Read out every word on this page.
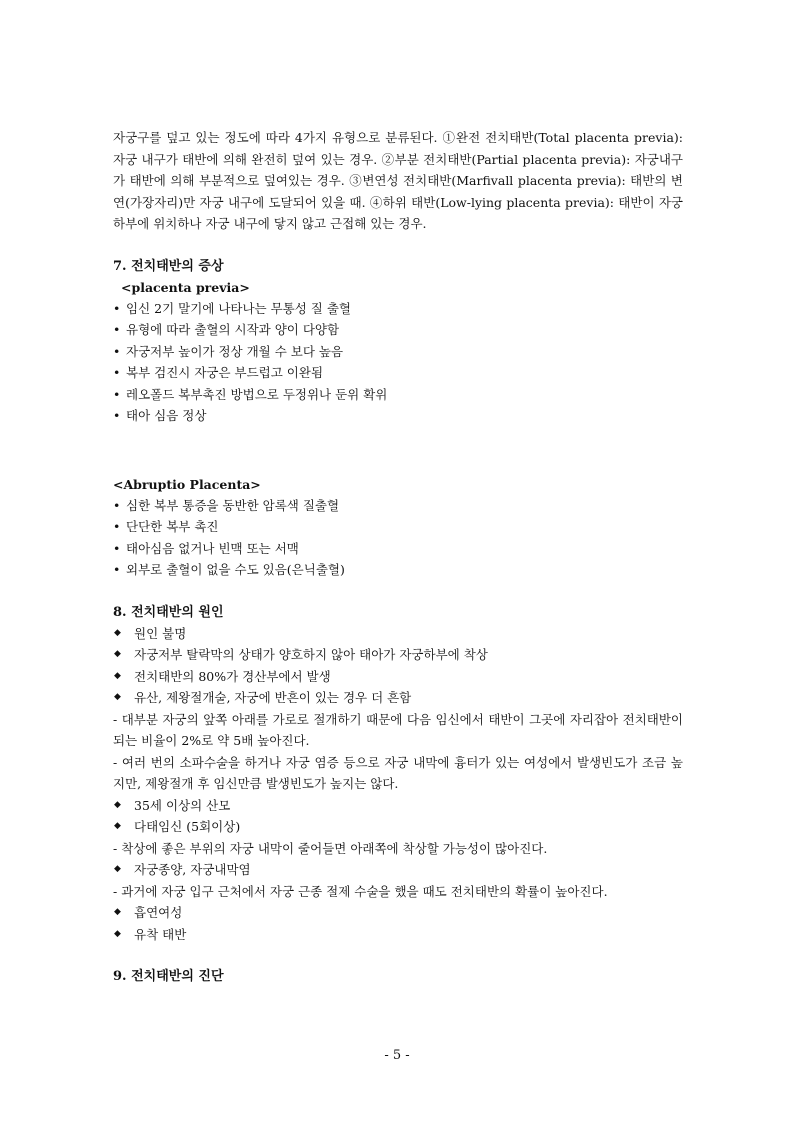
자궁구를 덮고 있는 정도에 따라 4가지 유형으로 분류된다. ①완전 전치태반(Total placenta previa): 자궁 내구가 태반에 의해 완전히 덮여 있는 경우. ②부분 전치태반(Partial placenta previa): 자궁내구가 태반에 의해 부분적으로 덮여있는 경우. ③변연성 전치태반(Marfivall placenta previa): 태반의 변연(가장자리)만 자궁 내구에 도달되어 있을 때. ④하위 태반(Low-lying placenta previa): 태반이 자궁 하부에 위치하나 자궁 내구에 닿지 않고 근접해 있는 경우.

7. 전치태반의 증상

<placenta previa>

• 임신 2기 말기에 나타나는 무통성 질 출혈
• 유형에 따라 출혈의 시작과 양이 다양함
• 자궁저부 높이가 정상 개월 수 보다 높음
• 복부 검진시 자궁은 부드럽고 이완됨
• 레오폴드 복부촉진 방법으로 두정위나 둔위 확위
• 태아 심음 정상

<Abruptio Placenta>

• 심한 복부 통증을 동반한 암록색 질출혈
• 단단한 복부 촉진
• 태아심음 없거나 빈맥 또는 서맥
• 외부로 출혈이 없을 수도 있음(은닉출혈)

8. 전치태반의 원인

◆	원인 불명
◆	자궁저부 탈락막의 상태가 양호하지 않아 태아가 자궁하부에 착상
◆	전치태반의 80%가 경산부에서 발생
◆	유산, 제왕절개술, 자궁에 반흔이 있는 경우 더 흔함

- 대부분 자궁의 앞쪽 아래를 가로로 절개하기 때문에 다음 임신에서 태반이 그곳에 자리잡아 전치태반이 되는 비율이 2%로 약 5배 높아진다.

- 여러 번의 소파수술을 하거나 자궁 염증 등으로 자궁 내막에 흉터가 있는 여성에서 발생빈도가 조금 높지만, 제왕절개 후 임신만큼 발생빈도가 높지는 않다.

◆	35세 이상의 산모
◆	다태임신 (5회이상)

- 착상에 좋은 부위의 자궁 내막이 줄어들면 아래쪽에 착상할 가능성이 많아진다.

◆	자궁종양, 자궁내막염

- 과거에 자궁 입구 근처에서 자궁 근종 절제 수술을 했을 때도 전치태반의 확률이 높아진다.

◆	흡연여성
◆	유착 태반

9. 전치태반의 진단

- 5 -
